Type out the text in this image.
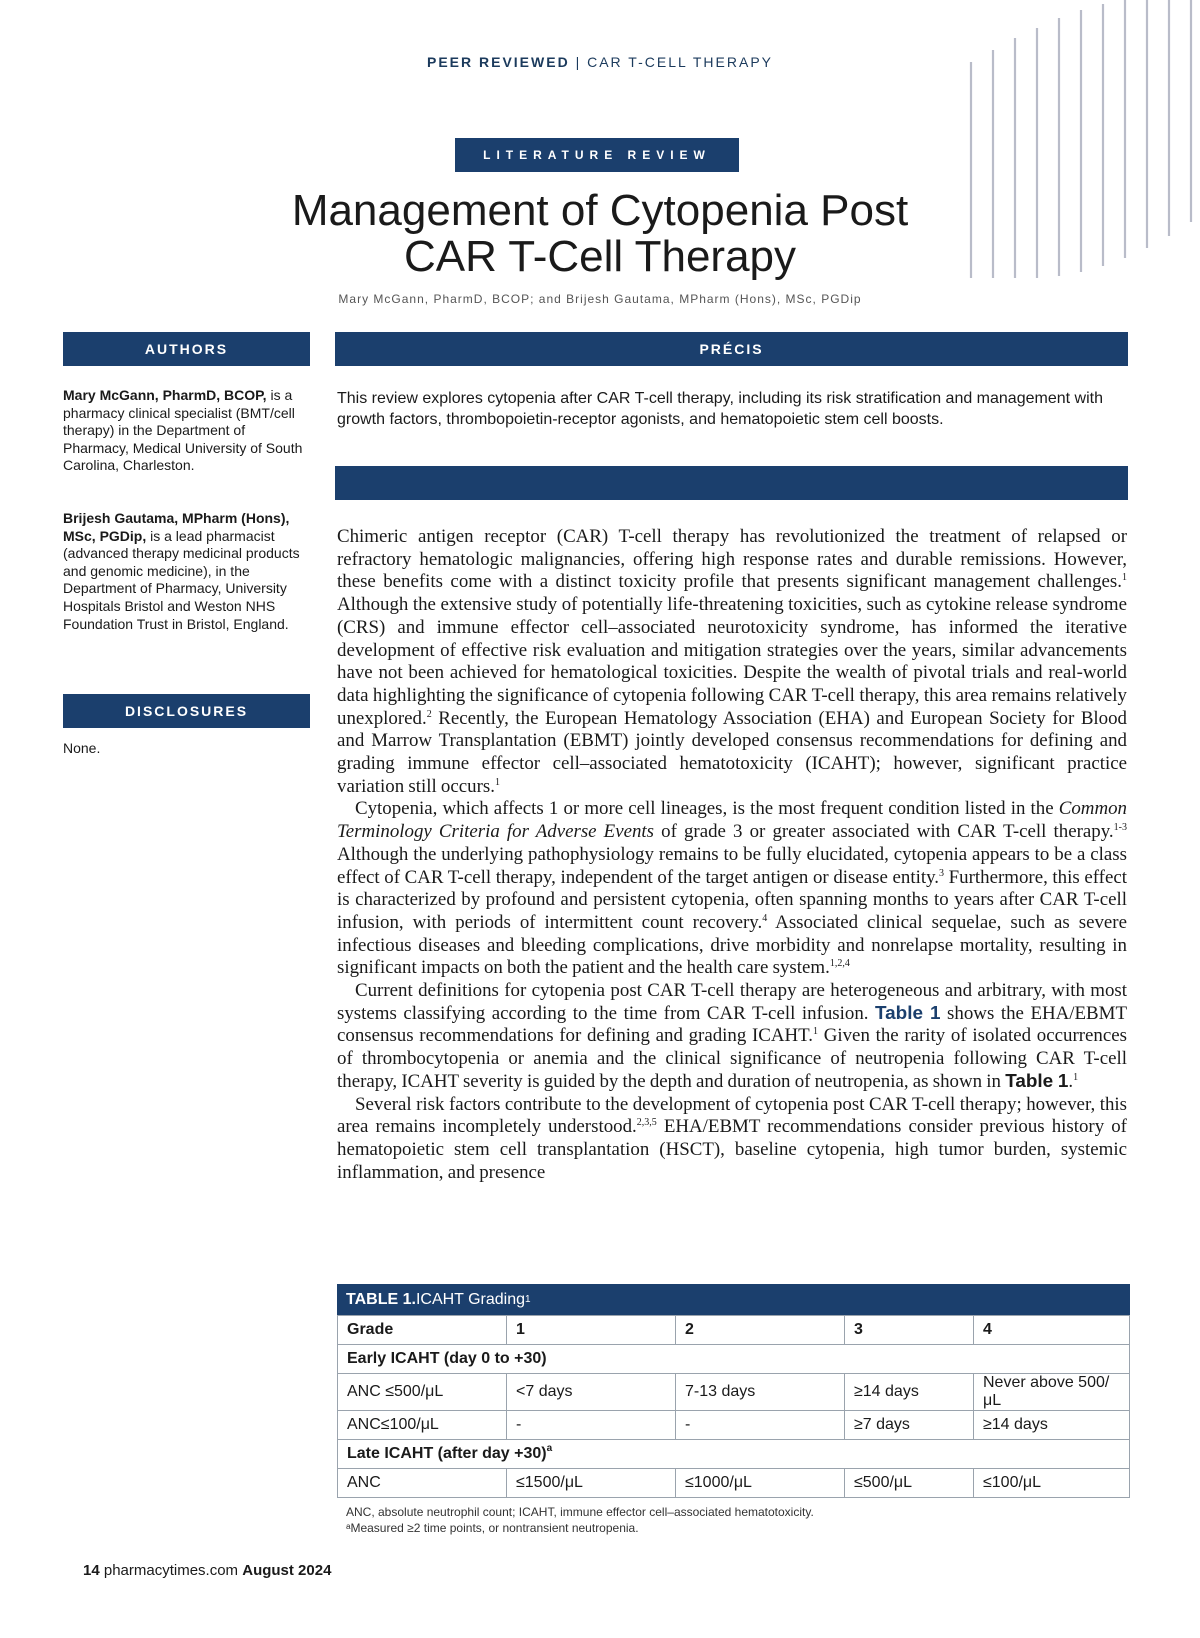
PEER REVIEWED | CAR T-CELL THERAPY
LITERATURE REVIEW
Management of Cytopenia Post
CAR T-Cell Therapy
Mary McGann, PharmD, BCOP; and Brijesh Gautama, MPharm (Hons), MSc, PGDip
AUTHORS
Mary McGann, PharmD, BCOP, is a pharmacy clinical specialist (BMT/cell therapy) in the Department of Pharmacy, Medical University of South Carolina, Charleston.
Brijesh Gautama, MPharm (Hons), MSc, PGDip, is a lead pharmacist (advanced therapy medicinal products and genomic medicine), in the Department of Pharmacy, University Hospitals Bristol and Weston NHS Foundation Trust in Bristol, England.
DISCLOSURES
None.
PRÉCIS
This review explores cytopenia after CAR T-cell therapy, including its risk stratification and management with growth factors, thrombopoietin-receptor agonists, and hematopoietic stem cell boosts.

Chimeric antigen receptor (CAR) T-cell therapy has revolutionized the treatment of relapsed or refractory hematologic malignancies, offering high response rates and durable remissions. However, these benefits come with a distinct toxicity profile that presents significant management challenges.$^1$ Although the extensive study of potentially life-threatening toxicities, such as cytokine release syndrome (CRS) and immune effector cell–associated neurotoxicity syndrome, has informed the iterative development of effective risk evaluation and mitigation strategies over the years, similar advancements have not been achieved for hematological toxicities. Despite the wealth of pivotal trials and real-world data highlighting the significance of cytopenia following CAR T-cell therapy, this area remains relatively unexplored.$^2$ Recently, the European Hematology Association (EHA) and European Society for Blood and Marrow Transplantation (EBMT) jointly developed consensus recommendations for defining and grading immune effector cell–associated hematotoxicity (ICAHT); however, significant practice variation still occurs.$^1$

Cytopenia, which affects 1 or more cell lineages, is the most frequent condition listed in the Common Terminology Criteria for Adverse Events of grade 3 or greater associated with CAR T-cell therapy.$^{1-3}$ Although the underlying pathophysiology remains to be fully elucidated, cytopenia appears to be a class effect of CAR T-cell therapy, independent of the target antigen or disease entity.$^3$ Furthermore, this effect is characterized by profound and persistent cytopenia, often spanning months to years after CAR T-cell infusion, with periods of intermittent count recovery.$^4$ Associated clinical sequelae, such as severe infectious diseases and bleeding complications, drive morbidity and nonrelapse mortality, resulting in significant impacts on both the patient and the health care system.$^{1,2,4}$

Current definitions for cytopenia post CAR T-cell therapy are heterogeneous and arbitrary, with most systems classifying according to the time from CAR T-cell infusion. Table 1 shows the EHA/EBMT consensus recommendations for defining and grading ICAHT.$^1$ Given the rarity of isolated occurrences of thrombocytopenia or anemia and the clinical significance of neutropenia following CAR T-cell therapy, ICAHT severity is guided by the depth and duration of neutropenia, as shown in Table 1.$^1$

Several risk factors contribute to the development of cytopenia post CAR T-cell therapy; however, this area remains incompletely understood.$^{2,3,5}$ EHA/EBMT recommendations consider previous history of hematopoietic stem cell transplantation (HSCT), baseline cytopenia, high tumor burden, systemic inflammation, and presence

TABLE 1. ICAHT Grading 1
Grade	1	2	3	4
Early ICAHT (day 0 to +30)				
ANC ≤500/μL	<7 days	7-13 days	≥14 days	Never above 500/μL
ANC≤100/μL	-	-	≥7 days	≥14 days
Late ICAHT (after day +30)$^a$
ANC	≤1500/μL	≤1000/μL	≤500/μL	≤100/μL
ANC, absolute neutrophil count; ICAHT, immune effector cell–associated hematotoxicity.
ᵃMeasured ≥2 time points, or nontransient neutropenia.
14 pharmacytimes.com August 2024
